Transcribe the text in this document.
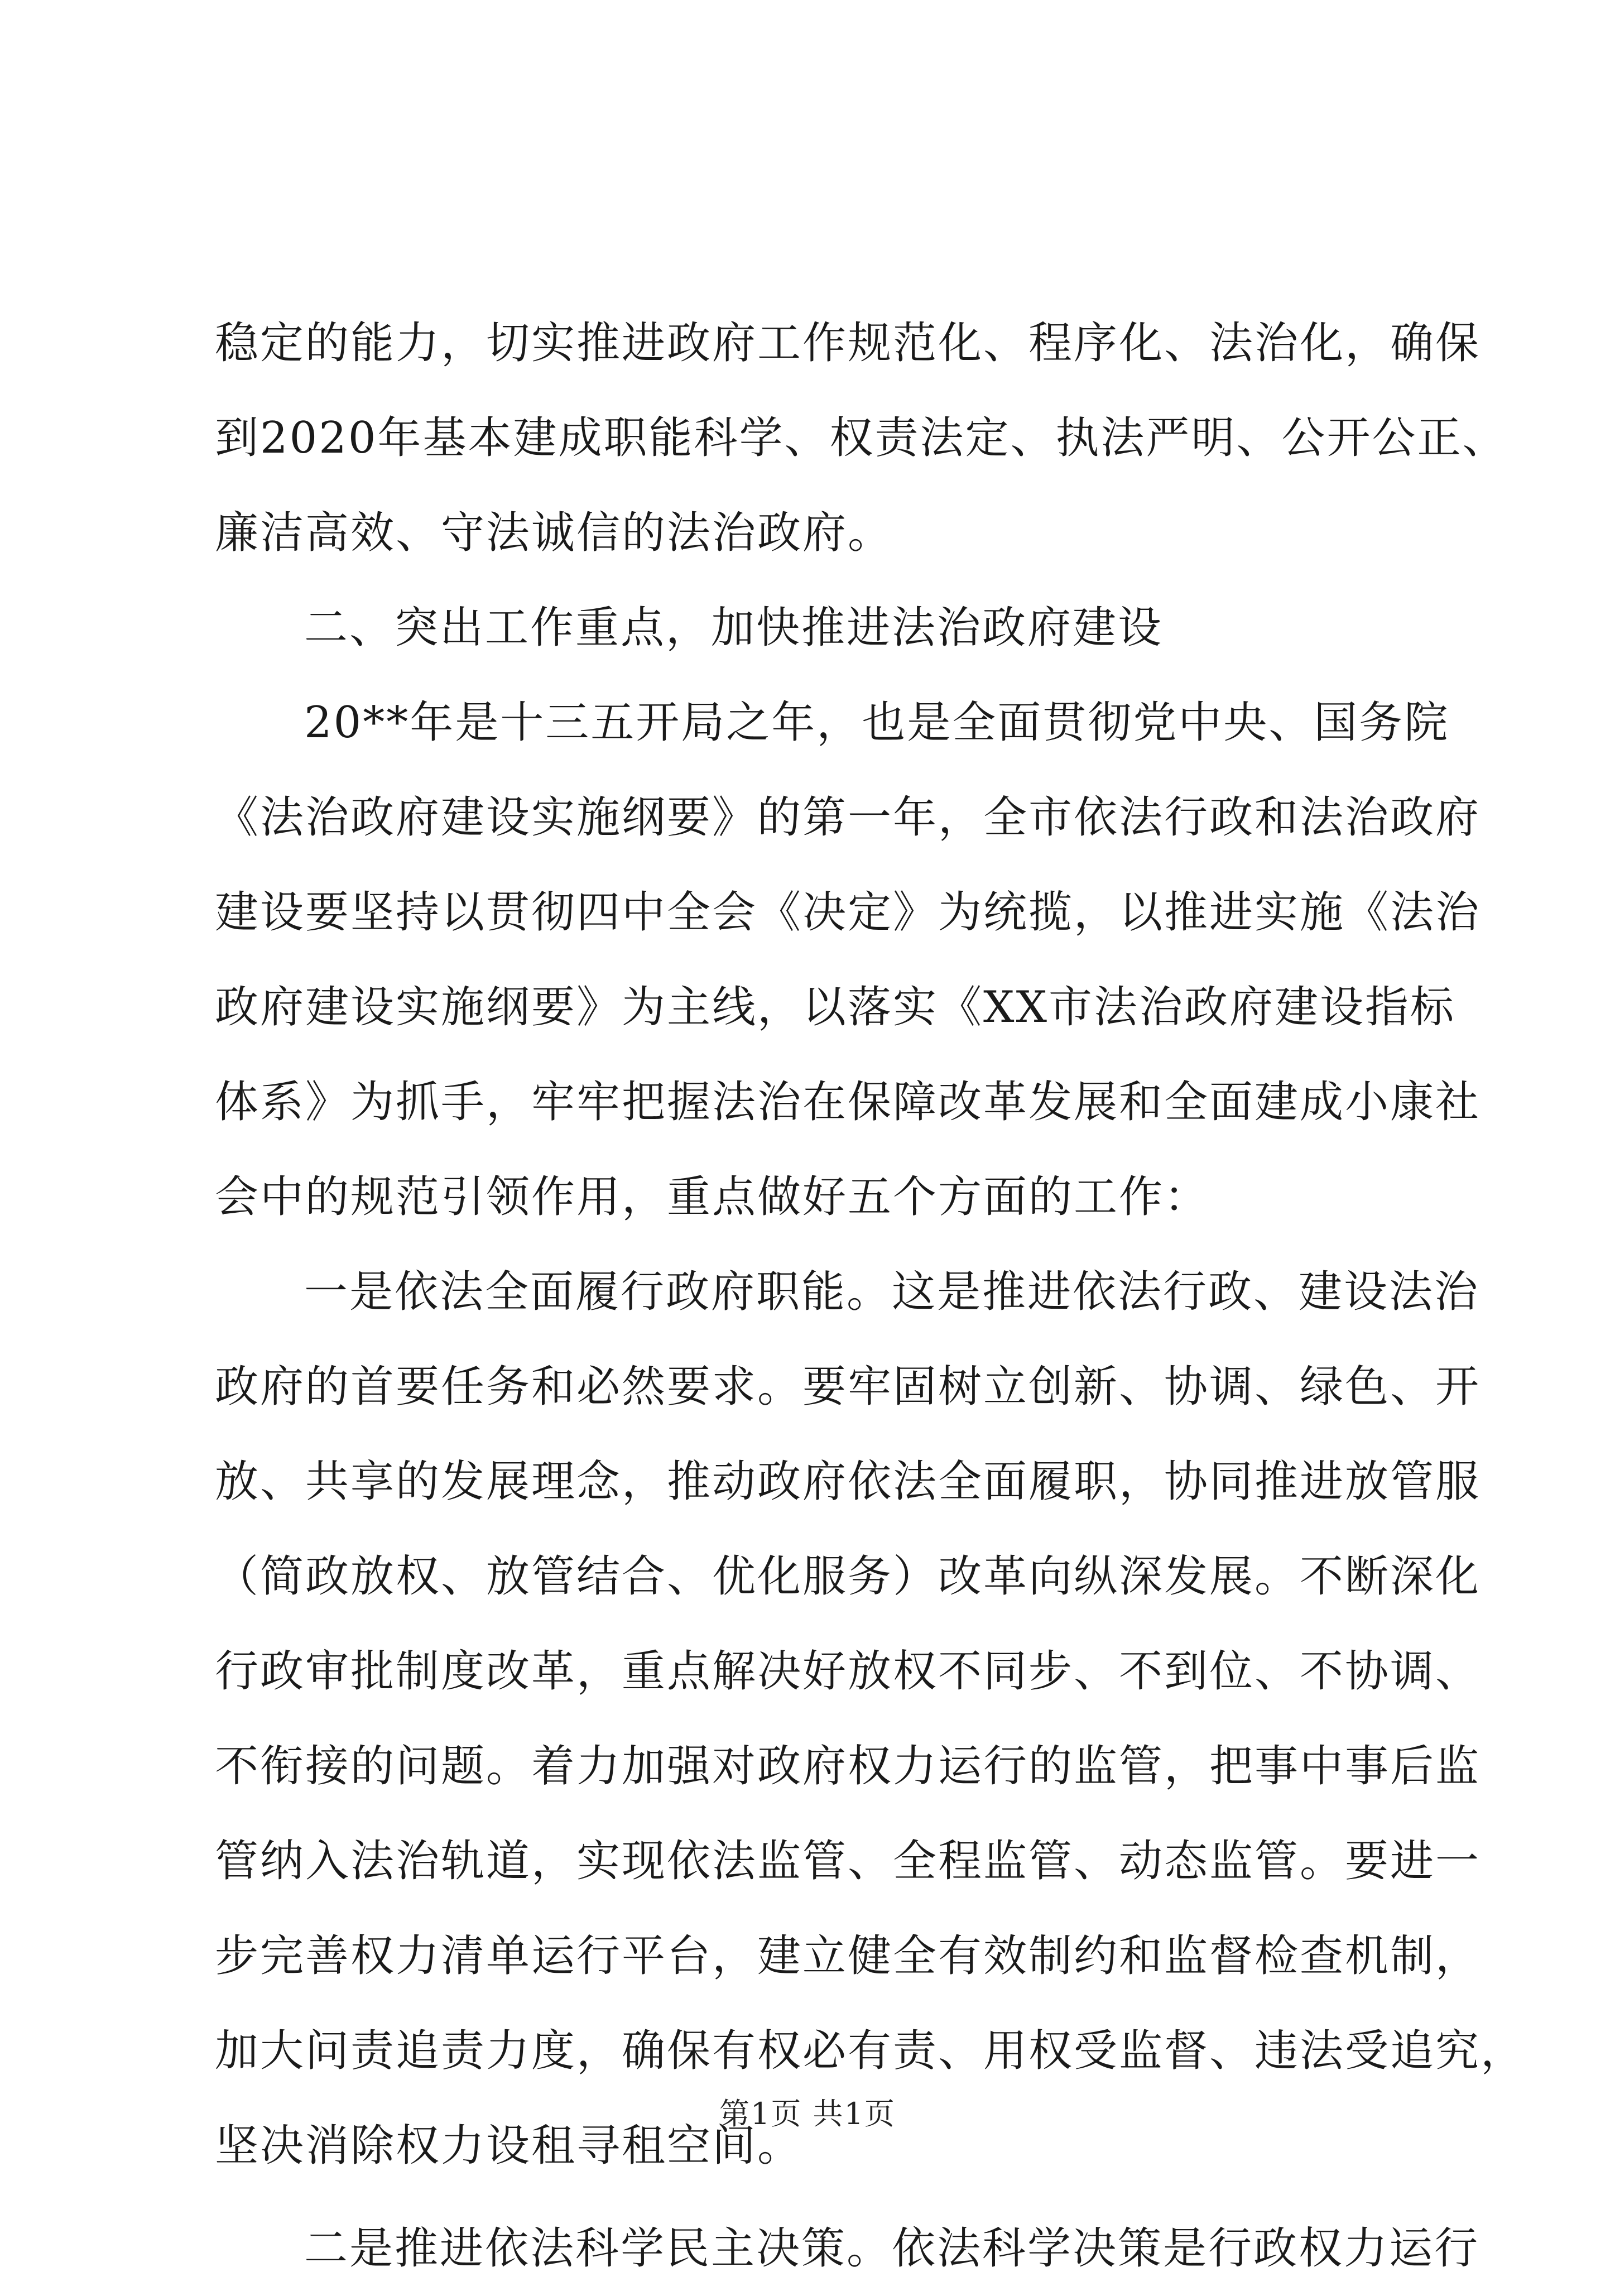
稳定的能力，切实推进政府工作规范化、程序化、法治化，确保
到2020年基本建成职能科学、权责法定、执法严明、公开公正、
廉洁高效、守法诚信的法治政府。
二、突出工作重点，加快推进法治政府建设
20**年是十三五开局之年，也是全面贯彻党中央、国务院
《法治政府建设实施纲要》的第一年，全市依法行政和法治政府
建设要坚持以贯彻四中全会《决定》为统揽，以推进实施《法治
政府建设实施纲要》为主线，以落实《XX市法治政府建设指标
体系》为抓手，牢牢把握法治在保障改革发展和全面建成小康社
会中的规范引领作用，重点做好五个方面的工作：
一是依法全面履行政府职能。这是推进依法行政、建设法治
政府的首要任务和必然要求。要牢固树立创新、协调、绿色、开
放、共享的发展理念，推动政府依法全面履职，协同推进放管服
（简政放权、放管结合、优化服务）改革向纵深发展。不断深化
行政审批制度改革，重点解决好放权不同步、不到位、不协调、
不衔接的问题。着力加强对政府权力运行的监管，把事中事后监
管纳入法治轨道，实现依法监管、全程监管、动态监管。要进一
步完善权力清单运行平台，建立健全有效制约和监督检查机制，
加大问责追责力度，确保有权必有责、用权受监督、违法受追究，
坚决消除权力设租寻租空间。
二是推进依法科学民主决策。依法科学决策是行政权力运行
第1页 共1页
